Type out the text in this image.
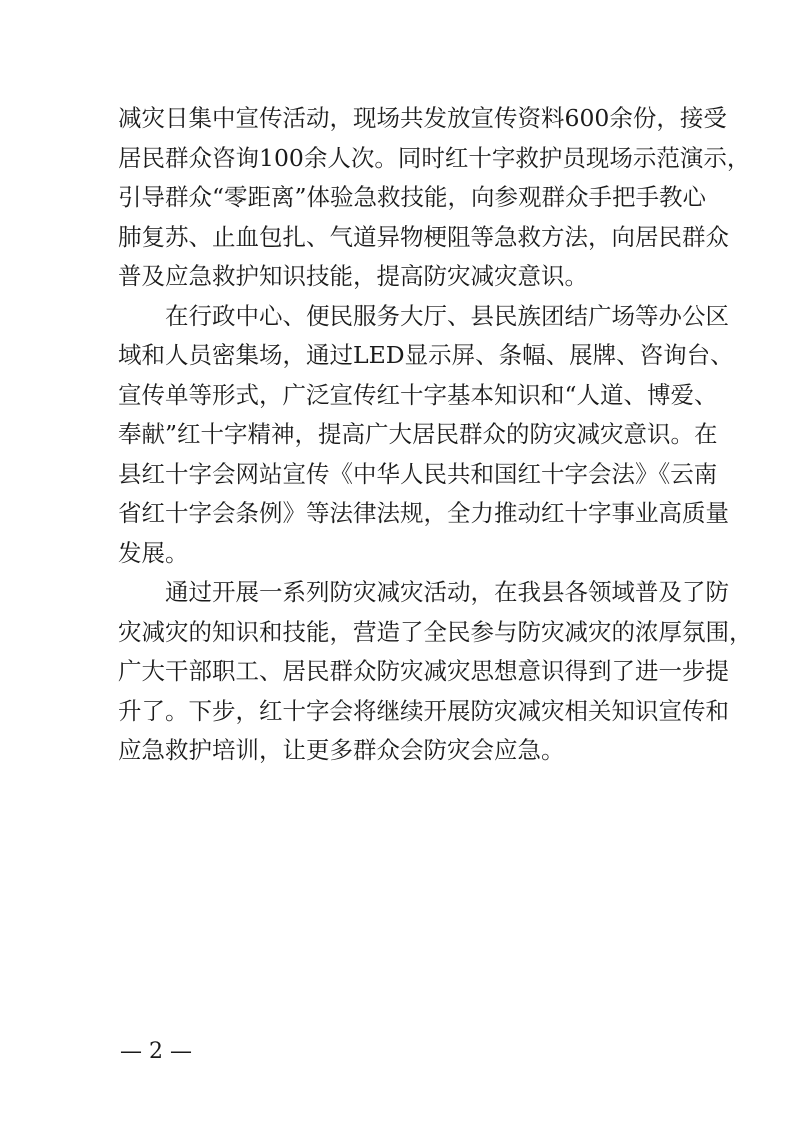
减灾日集中宣传活动，现场共发放宣传资料600余份，接受
居民群众咨询100余人次。同时红十字救护员现场示范演示，
引导群众“零距离”体验急救技能，向参观群众手把手教心
肺复苏、止血包扎、气道异物梗阻等急救方法，向居民群众
普及应急救护知识技能，提高防灾减灾意识。

在行政中心、便民服务大厅、县民族团结广场等办公区
域和人员密集场，通过LED显示屏、条幅、展牌、咨询台、
宣传单等形式，广泛宣传红十字基本知识和“人道、博爱、
奉献”红十字精神，提高广大居民群众的防灾减灾意识。在
县红十字会网站宣传《中华人民共和国红十字会法》《云南
省红十字会条例》等法律法规，全力推动红十字事业高质量
发展。

通过开展一系列防灾减灾活动，在我县各领域普及了防
灾减灾的知识和技能，营造了全民参与防灾减灾的浓厚氛围，
广大干部职工、居民群众防灾减灾思想意识得到了进一步提
升了。下步，红十字会将继续开展防灾减灾相关知识宣传和
应急救护培训，让更多群众会防灾会应急。

— 2 —
